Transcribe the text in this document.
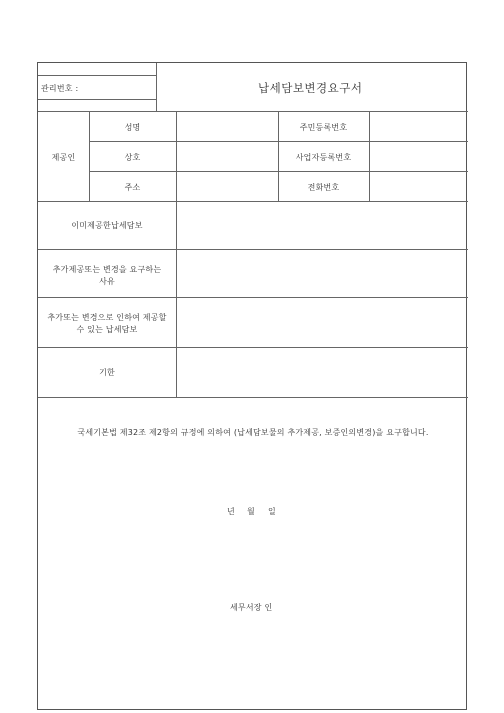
관리번호 :	납세담보변경요구서
제공인
성명	주민등록번호
상호	사업자등록번호
주소	전화번호
이미제공한납세담보
추가제공또는 변경을 요구하는
사유
추가또는 변경으로 인하여 제공할
수 있는 납세담보
기한
국세기본법 제32조 제2항의 규정에 의하여 (납세담보물의 추가제공, 보증인의변경)을 요구합니다.
년 월 일
세무서장 인
